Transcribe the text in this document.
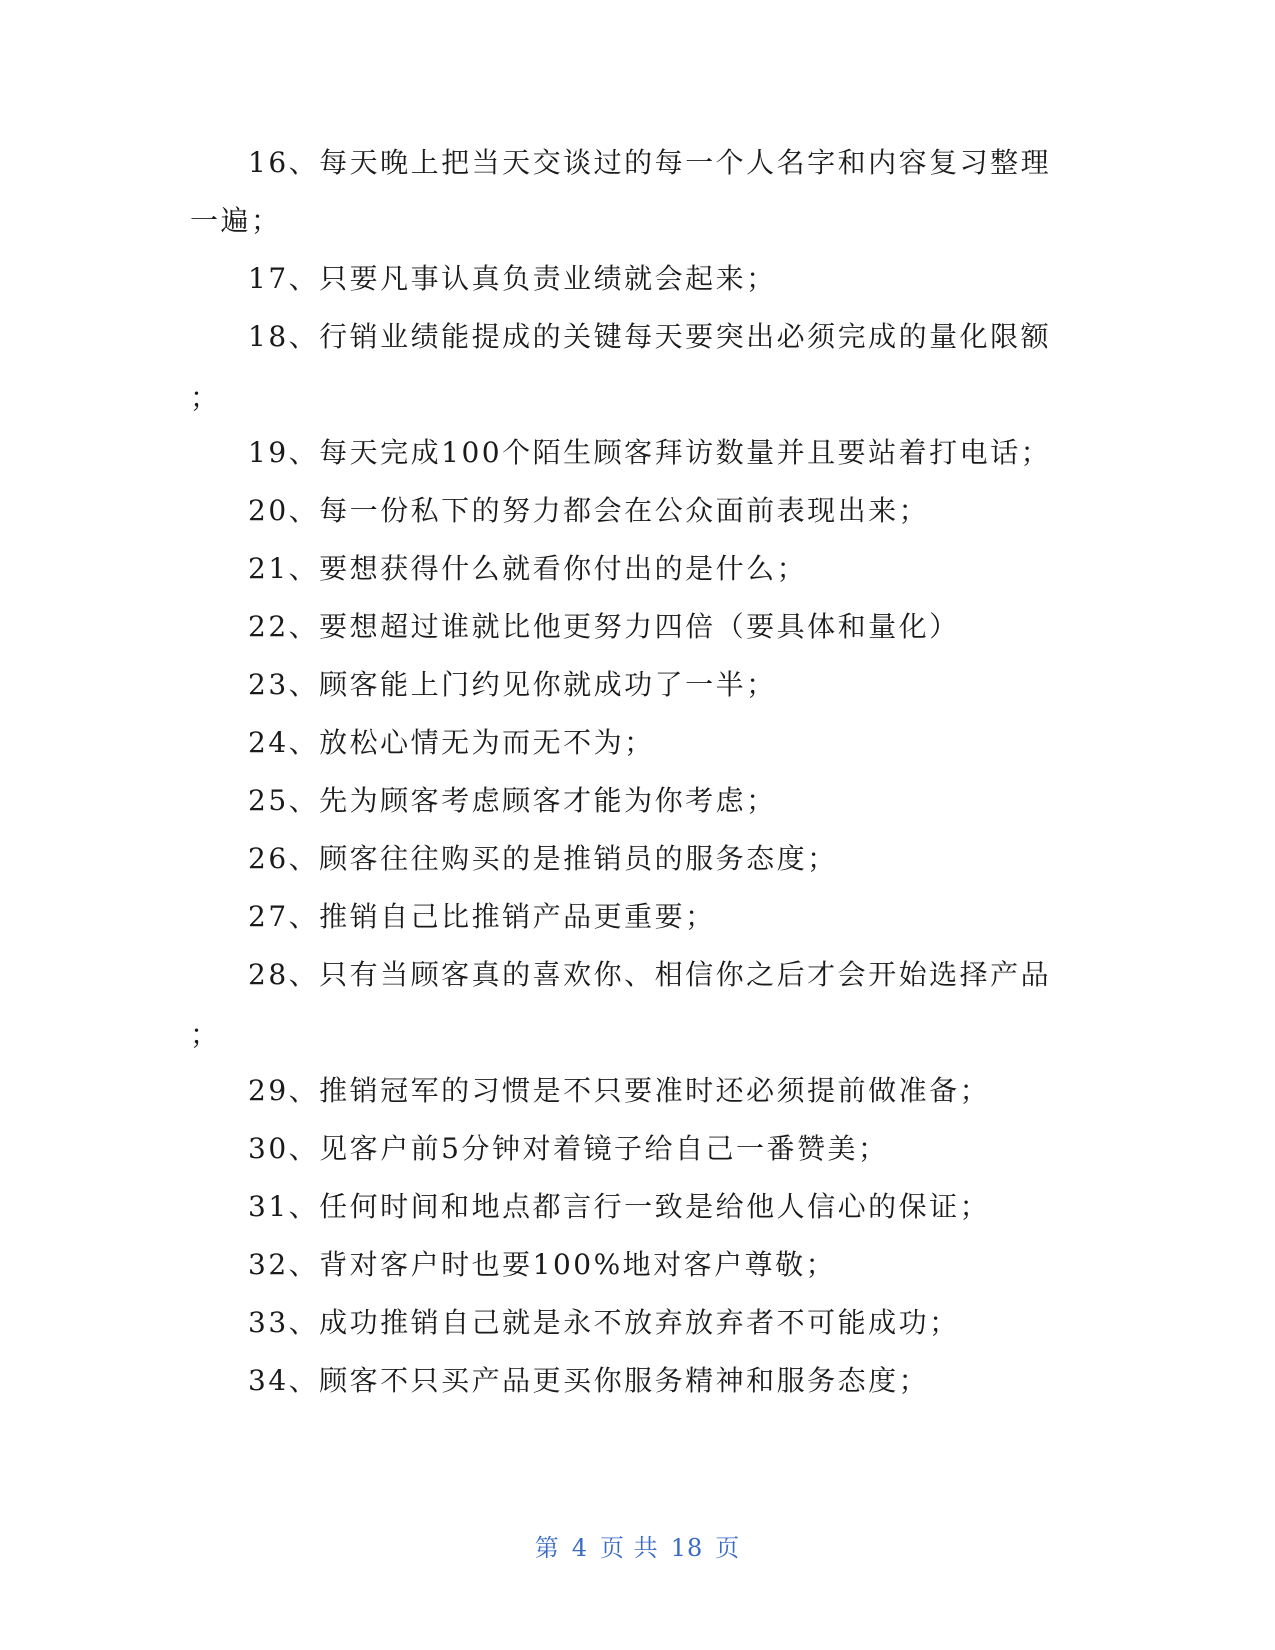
16、每天晚上把当天交谈过的每一个人名字和内容复习整理
一遍；
17、只要凡事认真负责业绩就会起来；
18、行销业绩能提成的关键每天要突出必须完成的量化限额
；
19、每天完成100个陌生顾客拜访数量并且要站着打电话；
20、每一份私下的努力都会在公众面前表现出来；
21、要想获得什么就看你付出的是什么；
22、要想超过谁就比他更努力四倍（要具体和量化）
23、顾客能上门约见你就成功了一半；
24、放松心情无为而无不为；
25、先为顾客考虑顾客才能为你考虑；
26、顾客往往购买的是推销员的服务态度；
27、推销自己比推销产品更重要；
28、只有当顾客真的喜欢你、相信你之后才会开始选择产品
；
29、推销冠军的习惯是不只要准时还必须提前做准备；
30、见客户前5分钟对着镜子给自己一番赞美；
31、任何时间和地点都言行一致是给他人信心的保证；
32、背对客户时也要100%地对客户尊敬；
33、成功推销自己就是永不放弃放弃者不可能成功；
34、顾客不只买产品更买你服务精神和服务态度；
第 4 页 共 18 页
